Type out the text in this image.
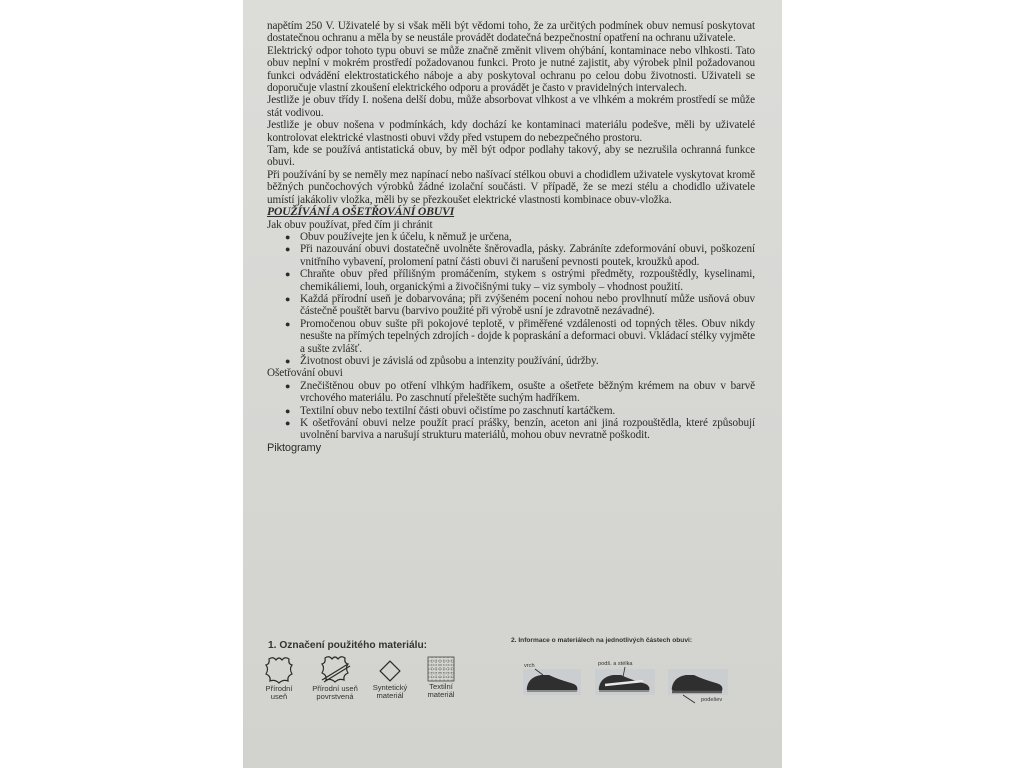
napětím 250 V. Uživatelé by si však měli být vědomi toho, že za určitých podmínek obuv nemusí poskytovat dostatečnou ochranu a měla by se neustále provádět dodatečná bezpečnostní opatření na ochranu uživatele.

Elektrický odpor tohoto typu obuvi se může značně změnit vlivem ohýbání, kontaminace nebo vlhkosti. Tato obuv neplní v mokrém prostředí požadovanou funkci. Proto je nutné zajistit, aby výrobek plnil požadovanou funkci odvádění elektrostatického náboje a aby poskytoval ochranu po celou dobu životnosti. Uživateli se doporučuje vlastní zkoušení elektrického odporu a provádět je často v pravidelných intervalech.

Jestliže je obuv třídy I. nošena delší dobu, může absorbovat vlhkost a ve vlhkém a mokrém prostředí se může stát vodivou.

Jestliže je obuv nošena v podmínkách, kdy dochází ke kontaminaci materiálu podešve, měli by uživatelé kontrolovat elektrické vlastnosti obuvi vždy před vstupem do nebezpečného prostoru.

Tam, kde se používá antistatická obuv, by měl být odpor podlahy takový, aby se nezrušila ochranná funkce obuvi.

Při používání by se neměly mez napínací nebo našívací stélkou obuvi a chodidlem uživatele vyskytovat kromě běžných punčochových výrobků žádné izolační součásti. V případě, že se mezi stélu a chodidlo uživatele umístí jakákoliv vložka, měli by se přezkoušet elektrické vlastnosti kombinace obuv-vložka.

POUŽÍVÁNÍ A OŠETŘOVÁNÍ OBUVI

Jak obuv používat, před čím ji chránit

● Obuv používejte jen k účelu, k němuž je určena,
● Při nazouvání obuvi dostatečně uvolněte šněrovadla, pásky. Zabráníte zdeformování obuvi, poškození vnitřního vybavení, prolomení patní části obuvi či narušení pevnosti poutek, kroužků apod.
● Chraňte obuv před přílišným promáčením, stykem s ostrými předměty, rozpouštědly, kyselinami, chemikáliemi, louh, organickými a živočišnými tuky – viz symboly – vhodnost použití.
● Každá přírodní useň je dobarvována; při zvýšeném pocení nohou nebo provlhnutí může usňová obuv částečně pouštět barvu (barvivo použité při výrobě usní je zdravotně nezávadné).
● Promočenou obuv sušte při pokojové teplotě, v přiměřené vzdálenosti od topných těles. Obuv nikdy nesušte na přímých tepelných zdrojích - dojde k popraskání a deformaci obuvi. Vkládací stélky vyjměte a sušte zvlášť.
● Životnost obuvi je závislá od způsobu a intenzity používání, údržby.

Ošetřování obuvi

● Znečištěnou obuv po otření vlhkým hadříkem, osušte a ošetřete běžným krémem na obuv v barvě vrchového materiálu. Po zaschnutí přeleštěte suchým hadříkem.
● Textilní obuv nebo textilní části obuvi očistíme po zaschnutí kartáčkem.
● K ošetřování obuvi nelze použít prací prášky, benzín, aceton ani jiná rozpouštědla, které způsobují uvolnění barviva a narušují strukturu materiálů, mohou obuv nevratně poškodit.

Piktogramy

1. Označení použitého materiálu:	2. Informace o materiálech na jednotlivých částech obuvi:
Přírodní
useň
Přírodní useň
povrstvená
Syntetický
materiál
Textilní
materiál
vrch	podš. a stélka
podešev
